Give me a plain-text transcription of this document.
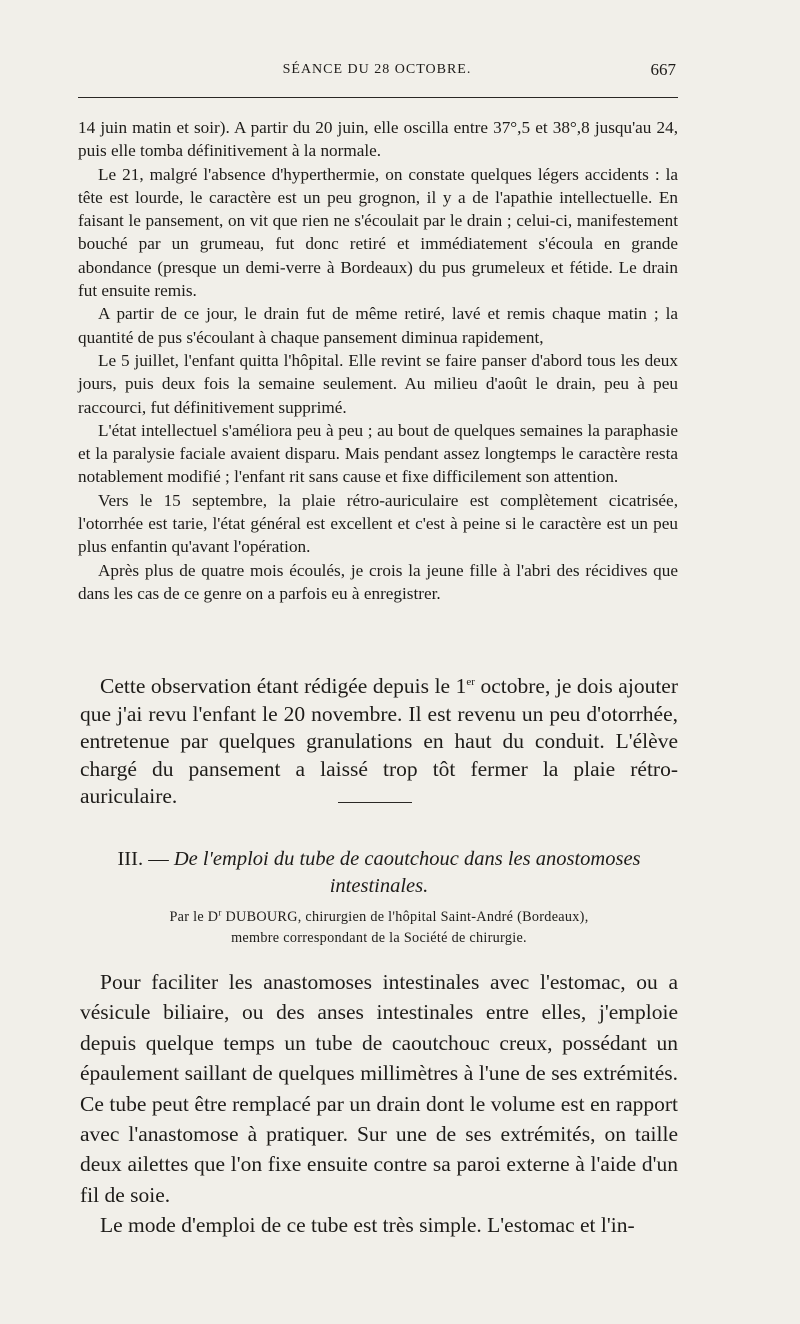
SÉANCE DU 28 OCTOBRE.	667

14 juin matin et soir). A partir du 20 juin, elle oscilla entre 37°,5 et 38°,8 jusqu'au 24, puis elle tomba définitivement à la normale.

Le 21, malgré l'absence d'hyperthermie, on constate quelques légers accidents : la tête est lourde, le caractère est un peu grognon, il y a de l'apathie intellectuelle. En faisant le pansement, on vit que rien ne s'écoulait par le drain ; celui-ci, manifestement bouché par un grumeau, fut donc retiré et immédiatement s'écoula en grande abondance (presque un demi-verre à Bordeaux) du pus grumeleux et fétide. Le drain fut ensuite remis.

A partir de ce jour, le drain fut de même retiré, lavé et remis chaque matin ; la quantité de pus s'écoulant à chaque pansement diminua rapidement,

Le 5 juillet, l'enfant quitta l'hôpital. Elle revint se faire panser d'abord tous les deux jours, puis deux fois la semaine seulement. Au milieu d'août le drain, peu à peu raccourci, fut définitivement supprimé.

L'état intellectuel s'améliora peu à peu ; au bout de quelques semaines la paraphasie et la paralysie faciale avaient disparu. Mais pendant assez longtemps le caractère resta notablement modifié ; l'enfant rit sans cause et fixe difficilement son attention.

Vers le 15 septembre, la plaie rétro-auriculaire est complètement cicatrisée, l'otorrhée est tarie, l'état général est excellent et c'est à peine si le caractère est un peu plus enfantin qu'avant l'opération.

Après plus de quatre mois écoulés, je crois la jeune fille à l'abri des récidives que dans les cas de ce genre on a parfois eu à enregistrer.

Cette observation étant rédigée depuis le 1er octobre, je dois ajouter que j'ai revu l'enfant le 20 novembre. Il est revenu un peu d'otorrhée, entretenue par quelques granulations en haut du conduit. L'élève chargé du pansement a laissé trop tôt fermer la plaie rétro-auriculaire.

III. — De l'emploi du tube de caoutchouc dans les anostomoses intestinales.
Par le $D^r$ DUBOURG, chirurgien de l'hôpital Saint-André (Bordeaux),
membre correspondant de la Société de chirurgie.

Pour faciliter les anastomoses intestinales avec l'estomac, ou a vésicule biliaire, ou des anses intestinales entre elles, j'emploie depuis quelque temps un tube de caoutchouc creux, possédant un épaulement saillant de quelques millimètres à l'une de ses extrémités. Ce tube peut être remplacé par un drain dont le volume est en rapport avec l'anastomose à pratiquer. Sur une de ses extrémités, on taille deux ailettes que l'on fixe ensuite contre sa paroi externe à l'aide d'un fil de soie.

Le mode d'emploi de ce tube est très simple. L'estomac et l'in-
